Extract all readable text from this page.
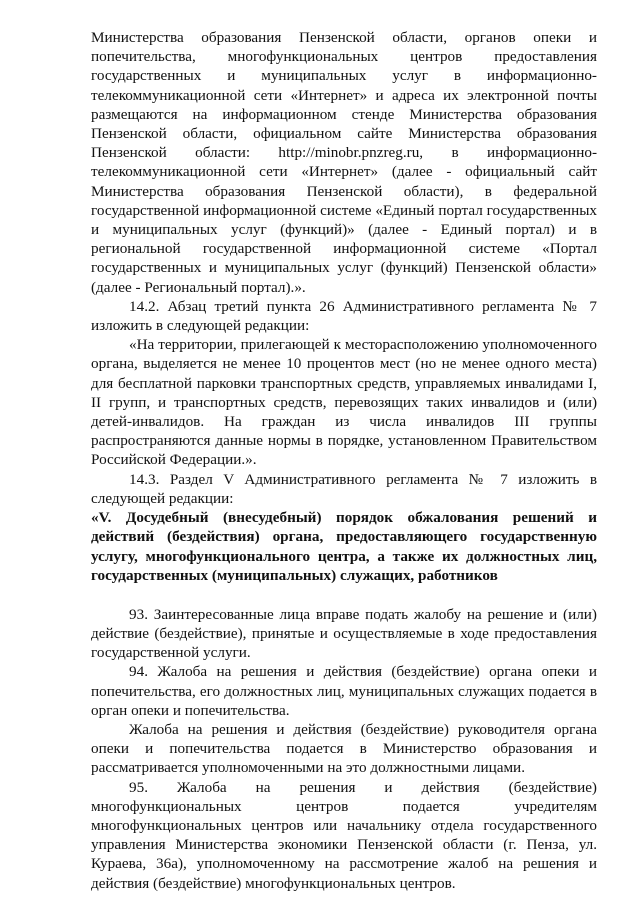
Министерства образования Пензенской области, органов опеки и попечительства, многофункциональных центров предоставления государственных и муниципальных услуг в информационно-телекоммуникационной сети «Интернет» и адреса их электронной почты размещаются на информационном стенде Министерства образования Пензенской области, официальном сайте Министерства образования Пензенской области: http://minobr.pnzreg.ru, в информационно-телекоммуникационной сети «Интернет» (далее - официальный сайт Министерства образования Пензенской области), в федеральной государственной информационной системе «Единый портал государственных и муниципальных услуг (функций)» (далее - Единый портал) и в региональной государственной информационной системе «Портал государственных и муниципальных услуг (функций) Пензенской области» (далее - Региональный портал).».

14.2. Абзац третий пункта 26 Административного регламента № 7 изложить в следующей редакции:

«На территории, прилегающей к месторасположению уполномоченного органа, выделяется не менее 10 процентов мест (но не менее одного места) для бесплатной парковки транспортных средств, управляемых инвалидами I, II групп, и транспортных средств, перевозящих таких инвалидов и (или) детей-инвалидов. На граждан из числа инвалидов III группы распространяются данные нормы в порядке, установленном Правительством Российской Федерации.».

14.3. Раздел V Административного регламента № 7 изложить в следующей редакции:

«V. Досудебный (внесудебный) порядок обжалования решений и действий (бездействия) органа, предоставляющего государственную услугу, многофункционального центра, а также их должностных лиц, государственных (муниципальных) служащих, работников

93. Заинтересованные лица вправе подать жалобу на решение и (или) действие (бездействие), принятые и осуществляемые в ходе предоставления государственной услуги.

94. Жалоба на решения и действия (бездействие) органа опеки и попечительства, его должностных лиц, муниципальных служащих подается в орган опеки и попечительства.

Жалоба на решения и действия (бездействие) руководителя органа опеки и попечительства подается в Министерство образования и рассматривается уполномоченными на это должностными лицами.

95. Жалоба на решения и действия (бездействие) многофункциональных центров подается учредителям многофункциональных центров или начальнику отдела государственного управления Министерства экономики Пензенской области (г. Пенза, ул. Кураева, 36а), уполномоченному на рассмотрение жалоб на решения и действия (бездействие) многофункциональных центров.
